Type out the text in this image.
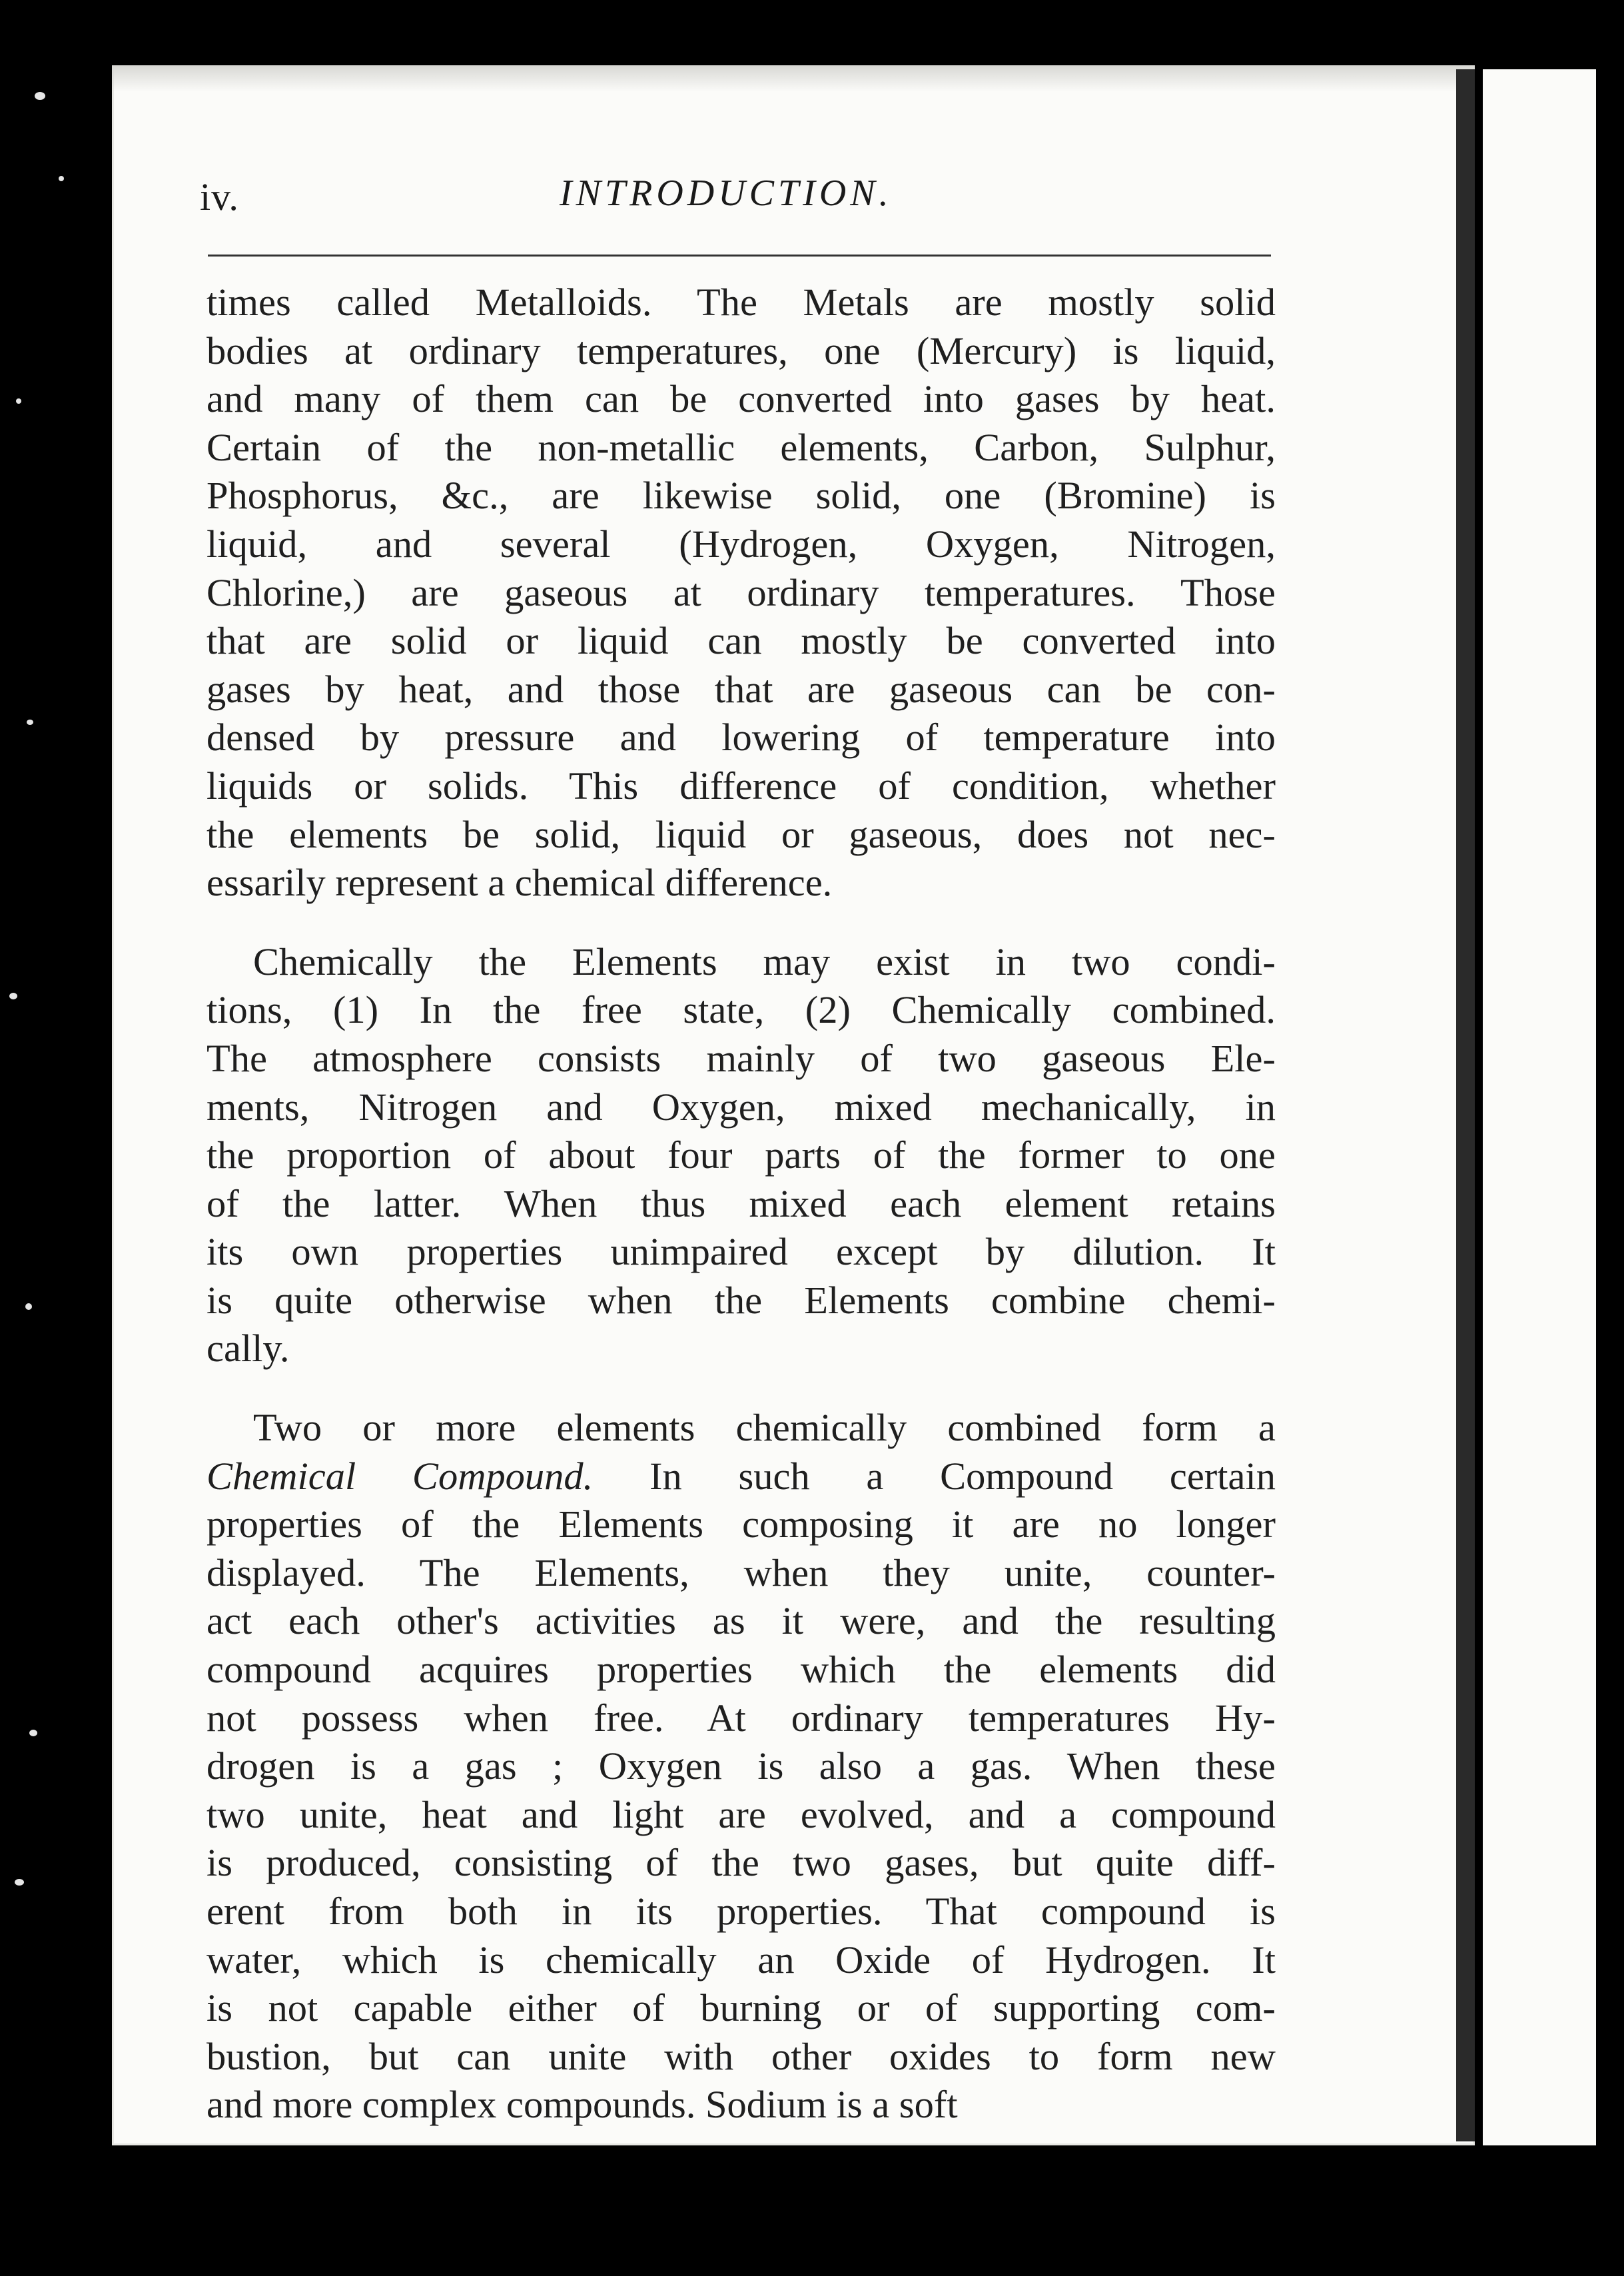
iv.	INTRODUCTION.
times called Metalloids. The Metals are mostly solid
bodies at ordinary temperatures, one (Mercury) is liquid,
and many of them can be converted into gases by heat.
Certain of the non-metallic elements, Carbon, Sulphur,
Phosphorus, &c., are likewise solid, one (Bromine) is
liquid, and several (Hydrogen, Oxygen, Nitrogen,
Chlorine,) are gaseous at ordinary temperatures. Those
that are solid or liquid can mostly be converted into
gases by heat, and those that are gaseous can be con-
densed by pressure and lowering of temperature into
liquids or solids. This difference of condition, whether
the elements be solid, liquid or gaseous, does not nec-
essarily represent a chemical difference.
Chemically the Elements may exist in two condi-
tions, (1) In the free state, (2) Chemically combined.
The atmosphere consists mainly of two gaseous Ele-
ments, Nitrogen and Oxygen, mixed mechanically, in
the proportion of about four parts of the former to one
of the latter. When thus mixed each element retains
its own properties unimpaired except by dilution. It
is quite otherwise when the Elements combine chemi-
cally.
Two or more elements chemically combined form a
Chemical Compound. In such a Compound certain
properties of the Elements composing it are no longer
displayed. The Elements, when they unite, counter-
act each other's activities as it were, and the resulting
compound acquires properties which the elements did
not possess when free. At ordinary temperatures Hy-
drogen is a gas ; Oxygen is also a gas. When these
two unite, heat and light are evolved, and a compound
is produced, consisting of the two gases, but quite diff-
erent from both in its properties. That compound is
water, which is chemically an Oxide of Hydrogen. It
is not capable either of burning or of supporting com-
bustion, but can unite with other oxides to form new
and more complex compounds. Sodium is a soft
